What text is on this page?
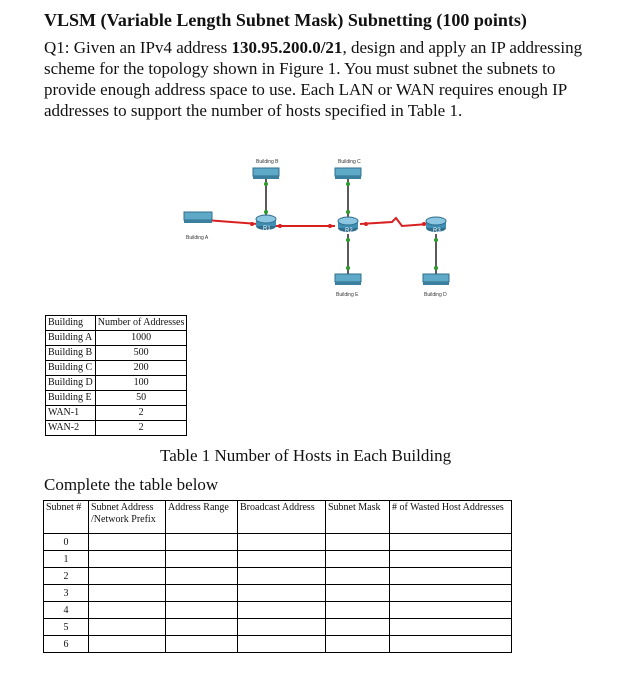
VLSM (Variable Length Subnet Mask) Subnetting (100 points)
Q1: Given an IPv4 address 130.95.200.0/21, design and apply an IP addressing scheme for the topology shown in Figure 1. You must subnet the subnets to provide enough address space to use. Each LAN or WAN requires enough IP addresses to support the number of hosts specified in Table 1.
R1	R2	R3
Building A
Building B	Building C
Building D
Building E
Building	Number of Addresses
Building A	1000
Building B	500
Building C	200
Building D	100
Building E	50
WAN-1	2
WAN-2	2
Table 1 Number of Hosts in Each Building
Complete the table below
Subnet #	Subnet Address /Network Prefix	Address Range	Broadcast Address	Subnet Mask	# of Wasted Host Addresses
0					
1					
2					
3					
4					
5					
6					
